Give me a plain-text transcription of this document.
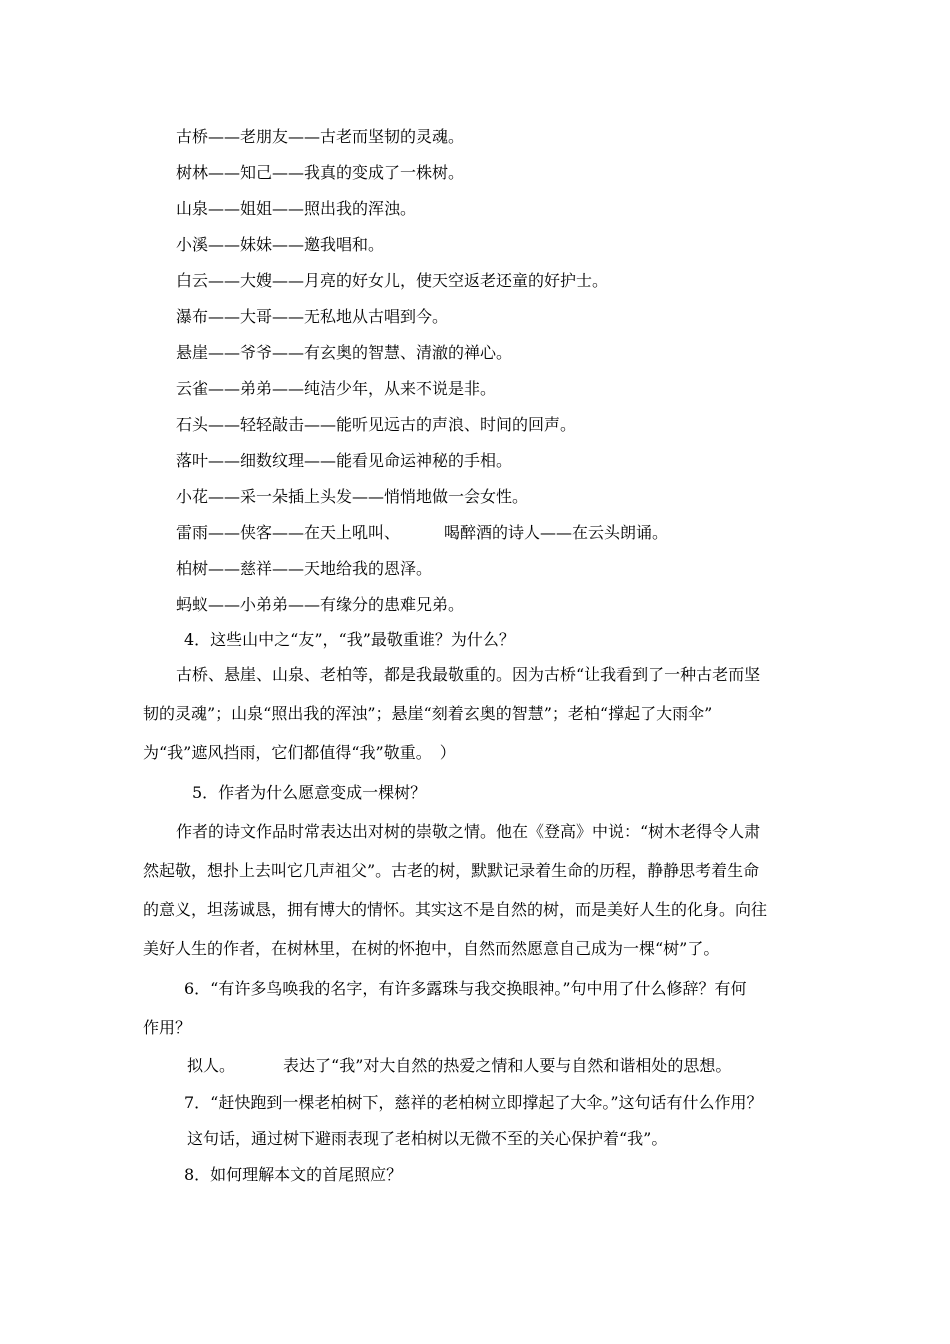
古桥——老朋友——古老而坚韧的灵魂。
树林——知己——我真的变成了一株树。
山泉——姐姐——照出我的浑浊。
小溪——妹妹——邀我唱和。
白云——大嫂——月亮的好女儿，使天空返老还童的好护士。
瀑布——大哥——无私地从古唱到今。
悬崖——爷爷——有玄奥的智慧、清澈的禅心。
云雀——弟弟——纯洁少年，从来不说是非。
石头——轻轻敲击——能听见远古的声浪、时间的回声。
落叶——细数纹理——能看见命运神秘的手相。
小花——采一朵插上头发——悄悄地做一会女性。
雷雨——侠客——在天上吼叫、	喝醉酒的诗人——在云头朗诵。
柏树——慈祥——天地给我的恩泽。
蚂蚁——小弟弟——有缘分的患难兄弟。
4．这些山中之“友”，“我”最敬重谁？为什么？
古桥、悬崖、山泉、老柏等，都是我最敬重的。因为古桥“让我看到了一种古老而坚
韧的灵魂”；山泉“照出我的浑浊”；悬崖“刻着玄奥的智慧”；老柏“撑起了大雨伞”
为“我”遮风挡雨，它们都值得“我”敬重。　）
5．作者为什么愿意变成一棵树？
作者的诗文作品时常表达出对树的崇敬之情。他在《登高》中说：“树木老得令人肃
然起敬，想扑上去叫它几声祖父”。古老的树，默默记录着生命的历程，静静思考着生命
的意义，坦荡诚恳，拥有博大的情怀。其实这不是自然的树，而是美好人生的化身。向往
美好人生的作者，在树林里，在树的怀抱中，自然而然愿意自己成为一棵“树”了。
6．“有许多鸟唤我的名字，有许多露珠与我交换眼神。”句中用了什么修辞？有何
作用？
拟人。	表达了“我”对大自然的热爱之情和人要与自然和谐相处的思想。
7．“赶快跑到一棵老柏树下，慈祥的老柏树立即撑起了大伞。”这句话有什么作用？
这句话，通过树下避雨表现了老柏树以无微不至的关心保护着“我”。
8．如何理解本文的首尾照应？
